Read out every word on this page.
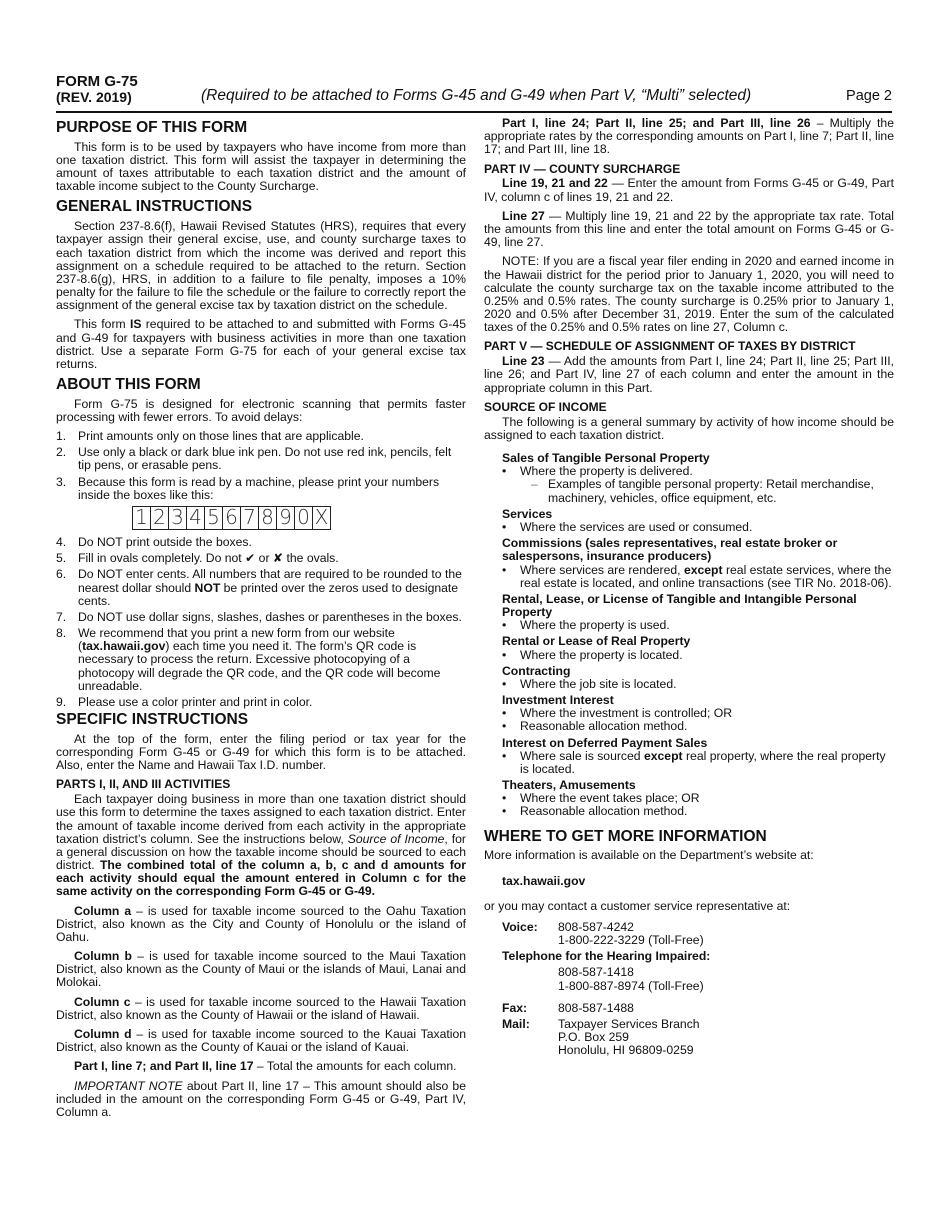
FORM G-75
(REV. 2019)	(Required to be attached to Forms G-45 and G-49 when Part V, “Multi” selected)	Page 2
PURPOSE OF THIS FORM

This form is to be used by taxpayers who have income from more than one taxation district. This form will assist the taxpayer in determining the amount of taxes attributable to each taxation district and the amount of taxable income subject to the County Surcharge.

GENERAL INSTRUCTIONS

Section 237-8.6(f), Hawaii Revised Statutes (HRS), requires that every taxpayer assign their general excise, use, and county surcharge taxes to each taxation district from which the income was derived and report this assignment on a schedule required to be attached to the return. Section 237-8.6(g), HRS, in addition to a failure to file penalty, imposes a 10% penalty for the failure to file the schedule or the failure to correctly report the assignment of the general excise tax by taxation district on the schedule.

This form IS required to be attached to and submitted with Forms G-45 and G-49 for taxpayers with business activities in more than one taxation district. Use a separate Form G-75 for each of your general excise tax returns.

ABOUT THIS FORM

Form G-75 is designed for electronic scanning that permits faster processing with fewer errors. To avoid delays:

1. Print amounts only on those lines that are applicable.
2. Use only a black or dark blue ink pen. Do not use red ink, pencils, felt tip pens, or erasable pens.
3. Because this form is read by a machine, please print your numbers inside the boxes like this:
1 2 3 4 5 6 7 8 9 0 X
4. Do NOT print outside the boxes.
5. Fill in ovals completely. Do not ✔ or ✘ the ovals.
6. Do NOT enter cents. All numbers that are required to be rounded to the nearest dollar should NOT be printed over the zeros used to designate cents.
7. Do NOT use dollar signs, slashes, dashes or parentheses in the boxes.
8. We recommend that you print a new form from our website (tax.hawaii.gov) each time you need it. The form’s QR code is necessary to process the return. Excessive photocopying of a photocopy will degrade the QR code, and the QR code will become unreadable.
9. Please use a color printer and print in color.
SPECIFIC INSTRUCTIONS

At the top of the form, enter the filing period or tax year for the corresponding Form G-45 or G-49 for which this form is to be attached. Also, enter the Name and Hawaii Tax I.D. number.

PARTS I, II, AND III ACTIVITIES

Each taxpayer doing business in more than one taxation district should use this form to determine the taxes assigned to each taxation district. Enter the amount of taxable income derived from each activity in the appropriate taxation district’s column. See the instructions below, Source of Income, for a general discussion on how the taxable income should be sourced to each district. The combined total of the column a, b, c and d amounts for each activity should equal the amount entered in Column c for the same activity on the corresponding Form G-45 or G-49.

Column a – is used for taxable income sourced to the Oahu Taxation District, also known as the City and County of Honolulu or the island of Oahu.

Column b – is used for taxable income sourced to the Maui Taxation District, also known as the County of Maui or the islands of Maui, Lanai and Molokai.

Column c – is used for taxable income sourced to the Hawaii Taxation District, also known as the County of Hawaii or the island of Hawaii.

Column d – is used for taxable income sourced to the Kauai Taxation District, also known as the County of Kauai or the island of Kauai.

Part I, line 7; and Part II, line 17 – Total the amounts for each column.

IMPORTANT NOTE about Part II, line 17 – This amount should also be included in the amount on the corresponding Form G-45 or G-49, Part IV, Column a.

Part I, line 24; Part II, line 25; and Part III, line 26 – Multiply the appropriate rates by the corresponding amounts on Part I, line 7; Part II, line 17; and Part III, line 18.

PART IV — COUNTY SURCHARGE

Line 19, 21 and 22 — Enter the amount from Forms G-45 or G-49, Part IV, column c of lines 19, 21 and 22.

Line 27 — Multiply line 19, 21 and 22 by the appropriate tax rate. Total the amounts from this line and enter the total amount on Forms G-45 or G-49, line 27.

NOTE: If you are a fiscal year filer ending in 2020 and earned income in the Hawaii district for the period prior to January 1, 2020, you will need to calculate the county surcharge tax on the taxable income attributed to the 0.25% and 0.5% rates. The county surcharge is 0.25% prior to January 1, 2020 and 0.5% after December 31, 2019. Enter the sum of the calculated taxes of the 0.25% and 0.5% rates on line 27, Column c.

PART V — SCHEDULE OF ASSIGNMENT OF TAXES BY DISTRICT

Line 23 — Add the amounts from Part I, line 24; Part II, line 25; Part III, line 26; and Part IV, line 27 of each column and enter the amount in the appropriate column in this Part.

SOURCE OF INCOME

The following is a general summary by activity of how income should be assigned to each taxation district.

Sales of Tangible Personal Property
• Where the property is delivered.
– Examples of tangible personal property: Retail merchandise, machinery, vehicles, office equipment, etc.
Services
• Where the services are used or consumed.
Commissions (sales representatives, real estate broker or salespersons, insurance producers)
• Where services are rendered, except real estate services, where the real estate is located, and online transactions (see TIR No. 2018-06).
Rental, Lease, or License of Tangible and Intangible Personal Property
• Where the property is used.
Rental or Lease of Real Property
• Where the property is located.
Contracting
• Where the job site is located.
Investment Interest
• Where the investment is controlled; OR
• Reasonable allocation method.
Interest on Deferred Payment Sales
• Where sale is sourced except real property, where the real property is located.
Theaters, Amusements
• Where the event takes place; OR
• Reasonable allocation method.
WHERE TO GET MORE INFORMATION

More information is available on the Department’s website at:

tax.hawaii.gov

or you may contact a customer service representative at:

Voice:	808-587-4242
1-800-222-3229 (Toll-Free)
Telephone for the Hearing Impaired:
808-587-1418
1-800-887-8974 (Toll-Free)
Fax:	808-587-1488
Mail:	Taxpayer Services Branch
P.O. Box 259
Honolulu, HI 96809-0259
